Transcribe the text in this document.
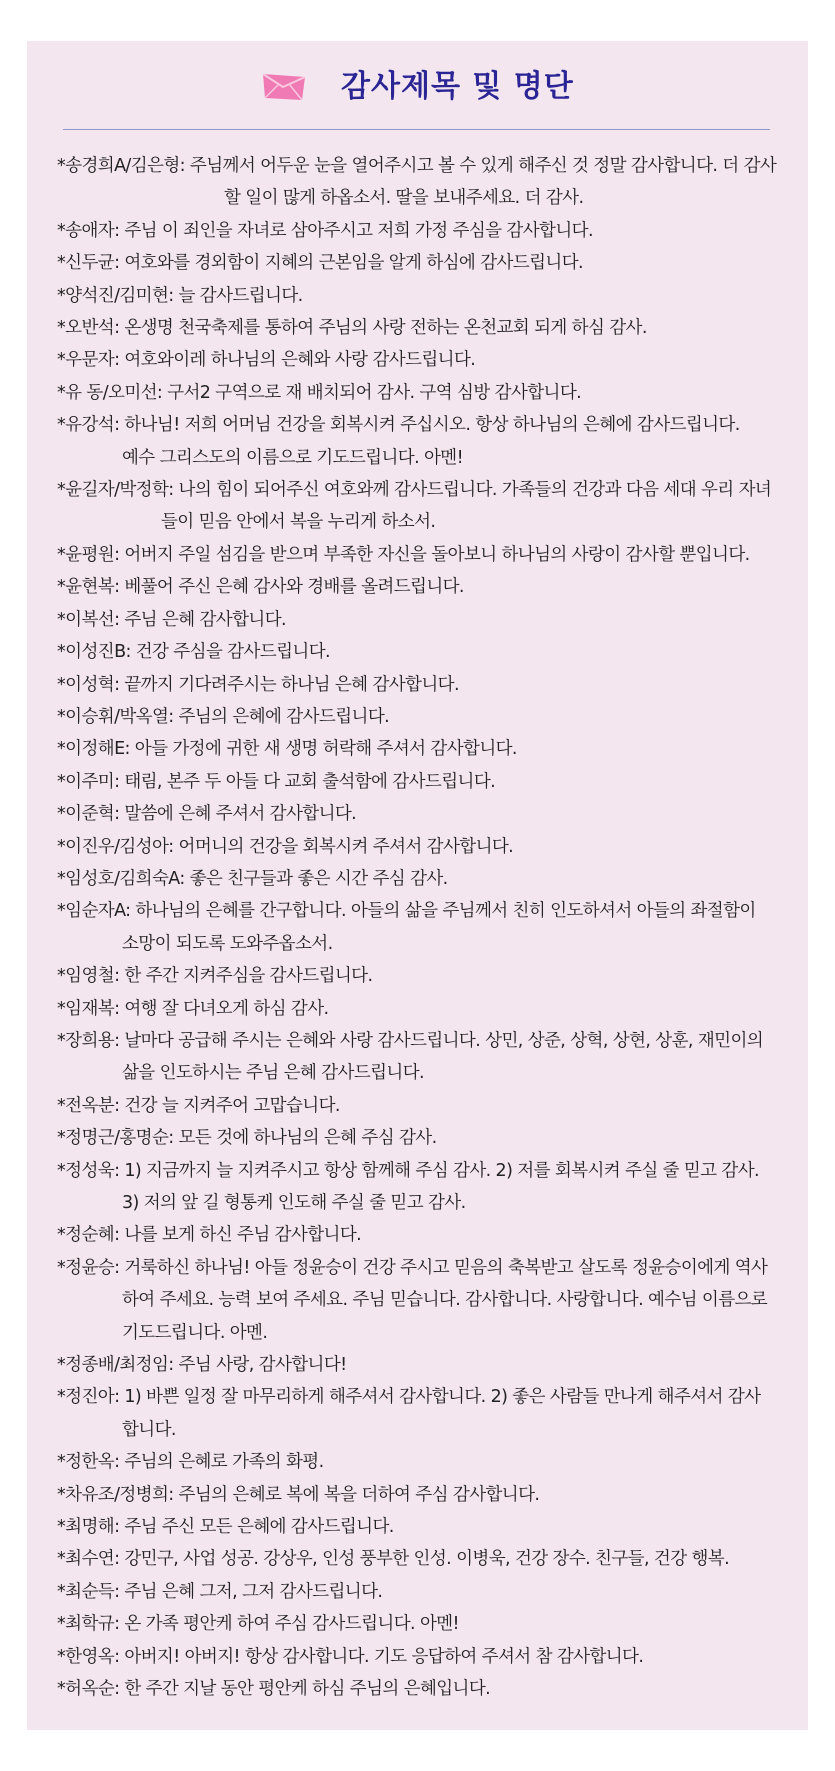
감사제목 및 명단
*송경희A/김은형: 주님께서 어두운 눈을 열어주시고 볼 수 있게 해주신 것 정말 감사합니다. 더 감사
할 일이 많게 하옵소서. 딸을 보내주세요. 더 감사.
*송애자: 주님 이 죄인을 자녀로 삼아주시고 저희 가정 주심을 감사합니다.
*신두균: 여호와를 경외함이 지혜의 근본임을 알게 하심에 감사드립니다.
*양석진/김미현: 늘 감사드립니다.
*오반석: 온생명 천국축제를 통하여 주님의 사랑 전하는 온천교회 되게 하심 감사.
*우문자: 여호와이레 하나님의 은혜와 사랑 감사드립니다.
*유 동/오미선: 구서2 구역으로 재 배치되어 감사. 구역 심방 감사합니다.
*유강석: 하나님! 저희 어머님 건강을 회복시켜 주십시오. 항상 하나님의 은혜에 감사드립니다.
예수 그리스도의 이름으로 기도드립니다. 아멘!
*윤길자/박정학: 나의 힘이 되어주신 여호와께 감사드립니다. 가족들의 건강과 다음 세대 우리 자녀
들이 믿음 안에서 복을 누리게 하소서.
*윤평원: 어버지 주일 섬김을 받으며 부족한 자신을 돌아보니 하나님의 사랑이 감사할 뿐입니다.
*윤현복: 베풀어 주신 은혜 감사와 경배를 올려드립니다.
*이복선: 주님 은혜 감사합니다.
*이성진B: 건강 주심을 감사드립니다.
*이성혁: 끝까지 기다려주시는 하나님 은혜 감사합니다.
*이승휘/박옥열: 주님의 은혜에 감사드립니다.
*이정해E: 아들 가정에 귀한 새 생명 허락해 주셔서 감사합니다.
*이주미: 태림, 본주 두 아들 다 교회 출석함에 감사드립니다.
*이준혁: 말씀에 은혜 주셔서 감사합니다.
*이진우/김성아: 어머니의 건강을 회복시켜 주셔서 감사합니다.
*임성호/김희숙A: 좋은 친구들과 좋은 시간 주심 감사.
*임순자A: 하나님의 은혜를 간구합니다. 아들의 삶을 주님께서 친히 인도하셔서 아들의 좌절함이
소망이 되도록 도와주옵소서.
*임영철: 한 주간 지켜주심을 감사드립니다.
*임재복: 여행 잘 다녀오게 하심 감사.
*장희용: 날마다 공급해 주시는 은혜와 사랑 감사드립니다. 상민, 상준, 상혁, 상현, 상훈, 재민이의
삶을 인도하시는 주님 은혜 감사드립니다.
*전옥분: 건강 늘 지켜주어 고맙습니다.
*정명근/홍명순: 모든 것에 하나님의 은혜 주심 감사.
*정성욱: 1) 지금까지 늘 지켜주시고 항상 함께해 주심 감사. 2) 저를 회복시켜 주실 줄 믿고 감사.
3) 저의 앞 길 형통케 인도해 주실 줄 믿고 감사.
*정순혜: 나를 보게 하신 주님 감사합니다.
*정윤승: 거룩하신 하나님! 아들 정윤승이 건강 주시고 믿음의 축복받고 살도록 정윤승이에게 역사
하여 주세요. 능력 보여 주세요. 주님 믿습니다. 감사합니다. 사랑합니다. 예수님 이름으로
기도드립니다. 아멘.
*정종배/최정임: 주님 사랑, 감사합니다!
*정진아: 1) 바쁜 일정 잘 마무리하게 해주셔서 감사합니다. 2) 좋은 사람들 만나게 해주셔서 감사
합니다.
*정한옥: 주님의 은혜로 가족의 화평.
*차유조/정병희: 주님의 은혜로 복에 복을 더하여 주심 감사합니다.
*최명해: 주님 주신 모든 은혜에 감사드립니다.
*최수연: 강민구, 사업 성공. 강상우, 인성 풍부한 인성. 이병욱, 건강 장수. 친구들, 건강 행복.
*최순득: 주님 은혜 그저, 그저 감사드립니다.
*최학규: 온 가족 평안케 하여 주심 감사드립니다. 아멘!
*한영옥: 아버지! 아버지! 항상 감사합니다. 기도 응답하여 주셔서 참 감사합니다.
*허옥순: 한 주간 지날 동안 평안케 하심 주님의 은혜입니다.
